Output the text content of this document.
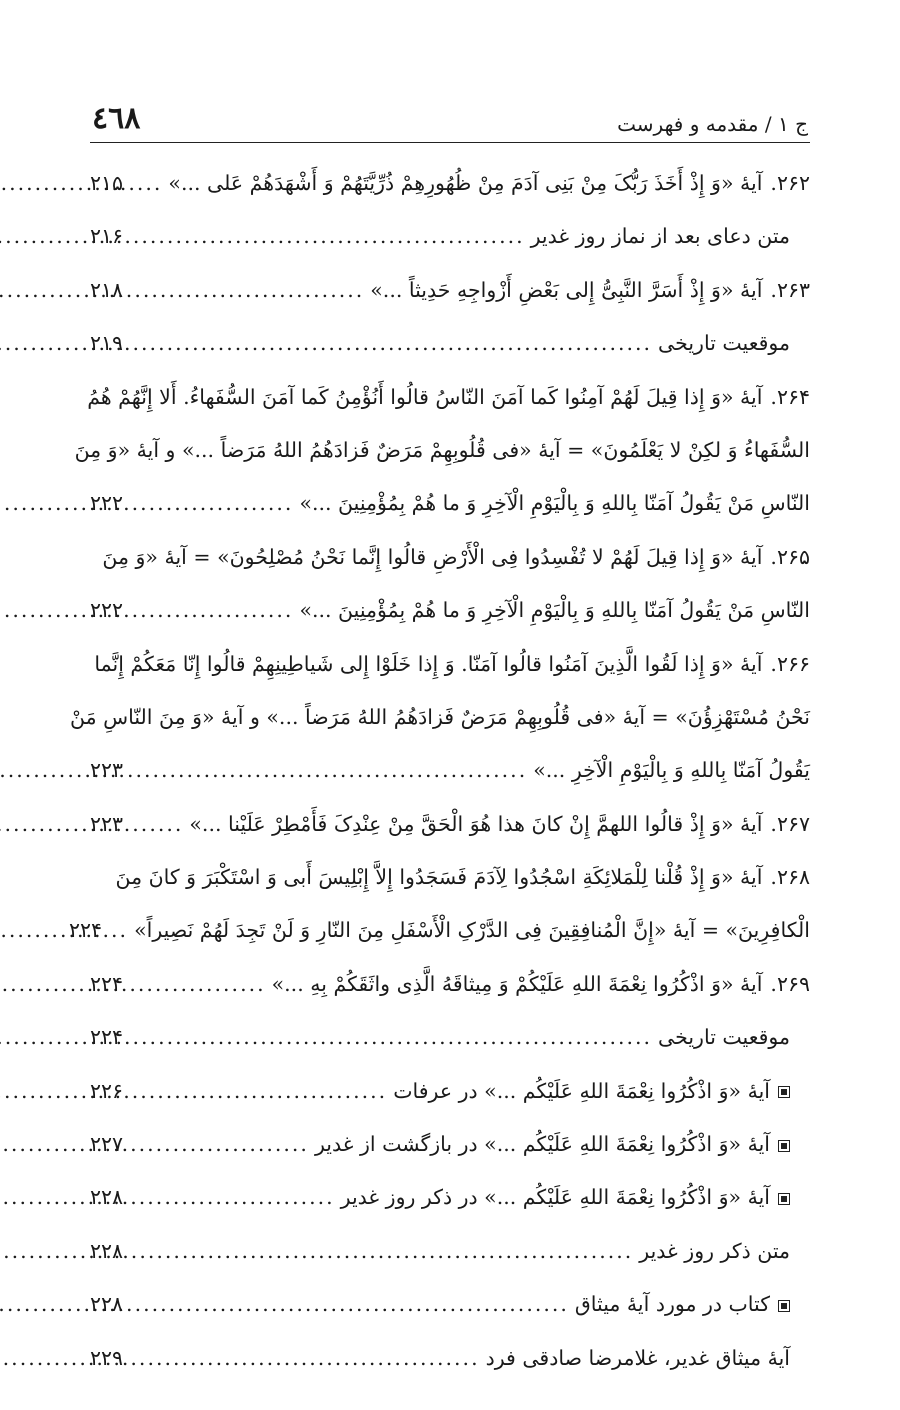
ج ۱ / مقدمه و فهرست
٤٦٨
۲۶۲.آیهٔ «وَ إِذْ أَخَذَ رَبُّکَ مِنْ بَنِی آدَمَ مِنْ ظُهُورِهِمْ ذُرِّیَّتَهُمْ وَ أَشْهَدَهُمْ عَلی ...»
.....
۲۱۵
متن دعای بعد از نماز روز غدیر
.....
۲۱۶
۲۶۳.آیهٔ «وَ إِذْ أَسَرَّ النَّبِیُّ إِلی بَعْضِ أَزْواجِهِ حَدِیثاً ...»
.....
۲۱۸
موقعیت تاریخی
.....
۲۱۹
۲۶۴.آیهٔ «وَ إِذا قِیلَ لَهُمْ آمِنُوا کَما آمَنَ النّاسُ قالُوا أَنُؤْمِنُ کَما آمَنَ السُّفَهاءُ. أَلا إِنَّهُمْ هُمُ
السُّفَهاءُ وَ لکِنْ لا یَعْلَمُونَ» = آیهٔ «فی قُلُوبِهِمْ مَرَضٌ فَزادَهُمُ اللهُ مَرَضاً ...» و آیهٔ «وَ مِنَ
النّاسِ مَنْ یَقُولُ آمَنّا بِاللهِ وَ بِالْیَوْمِ الْآخِرِ وَ ما هُمْ بِمُؤْمِنِینَ ...»
.....
۲۲۲
۲۶۵.آیهٔ «وَ إِذا قِیلَ لَهُمْ لا تُفْسِدُوا فِی الْأَرْضِ قالُوا إِنَّما نَحْنُ مُصْلِحُونَ» = آیهٔ «وَ مِنَ
النّاسِ مَنْ یَقُولُ آمَنّا بِاللهِ وَ بِالْیَوْمِ الْآخِرِ وَ ما هُمْ بِمُؤْمِنِینَ ...»
.....
۲۲۲
۲۶۶.آیهٔ «وَ إِذا لَقُوا الَّذِینَ آمَنُوا قالُوا آمَنّا. وَ إِذا خَلَوْا إِلی شَیاطِینِهِمْ قالُوا إِنّا مَعَکُمْ إِنَّما
نَحْنُ مُسْتَهْزِؤُنَ» = آیهٔ «فی قُلُوبِهِمْ مَرَضٌ فَزادَهُمُ اللهُ مَرَضاً ...» و آیهٔ «وَ مِنَ النّاسِ مَنْ
یَقُولُ آمَنّا بِاللهِ وَ بِالْیَوْمِ الْآخِرِ ...»
.....
۲۲۳
۲۶۷.آیهٔ «وَ إِذْ قالُوا اللهمَّ إِنْ کانَ هذا هُوَ الْحَقَّ مِنْ عِنْدِکَ فَأَمْطِرْ عَلَیْنا ...»
.....
۲۲۳
۲۶۸.آیهٔ «وَ إِذْ قُلْنا لِلْمَلائِکَةِ اسْجُدُوا لِآدَمَ فَسَجَدُوا إِلاَّ إِبْلِیسَ أَبی وَ اسْتَکْبَرَ وَ کانَ مِنَ
الْکافِرِینَ» = آیهٔ «إِنَّ الْمُنافِقِینَ فِی الدَّرْکِ الْأَسْفَلِ مِنَ النّارِ وَ لَنْ تَجِدَ لَهُمْ نَصِیراً»
.....
۲۲۴
۲۶۹.آیهٔ «وَ اذْکُرُوا نِعْمَةَ اللهِ عَلَیْکُمْ وَ مِیثاقَهُ الَّذِی واثَقَکُمْ بِهِ ...»
.....
۲۲۴
موقعیت تاریخی
.....
۲۲۴
آیهٔ «وَ اذْکُرُوا نِعْمَةَ اللهِ عَلَیْکُم ...» در عرفات
.....
۲۲۶
آیهٔ «وَ اذْکُرُوا نِعْمَةَ اللهِ عَلَیْکُم ...» در بازگشت از غدیر
.....
۲۲۷
آیهٔ «وَ اذْکُرُوا نِعْمَةَ اللهِ عَلَیْکُم ...» در ذکر روز غدیر
.....
۲۲۸
متن ذکر روز غدیر
.....
۲۲۸
کتاب در مورد آیهٔ میثاق
.....
۲۲۸
آیهٔ میثاق غدیر، غلامرضا صادقی فرد
.....
۲۲۹
